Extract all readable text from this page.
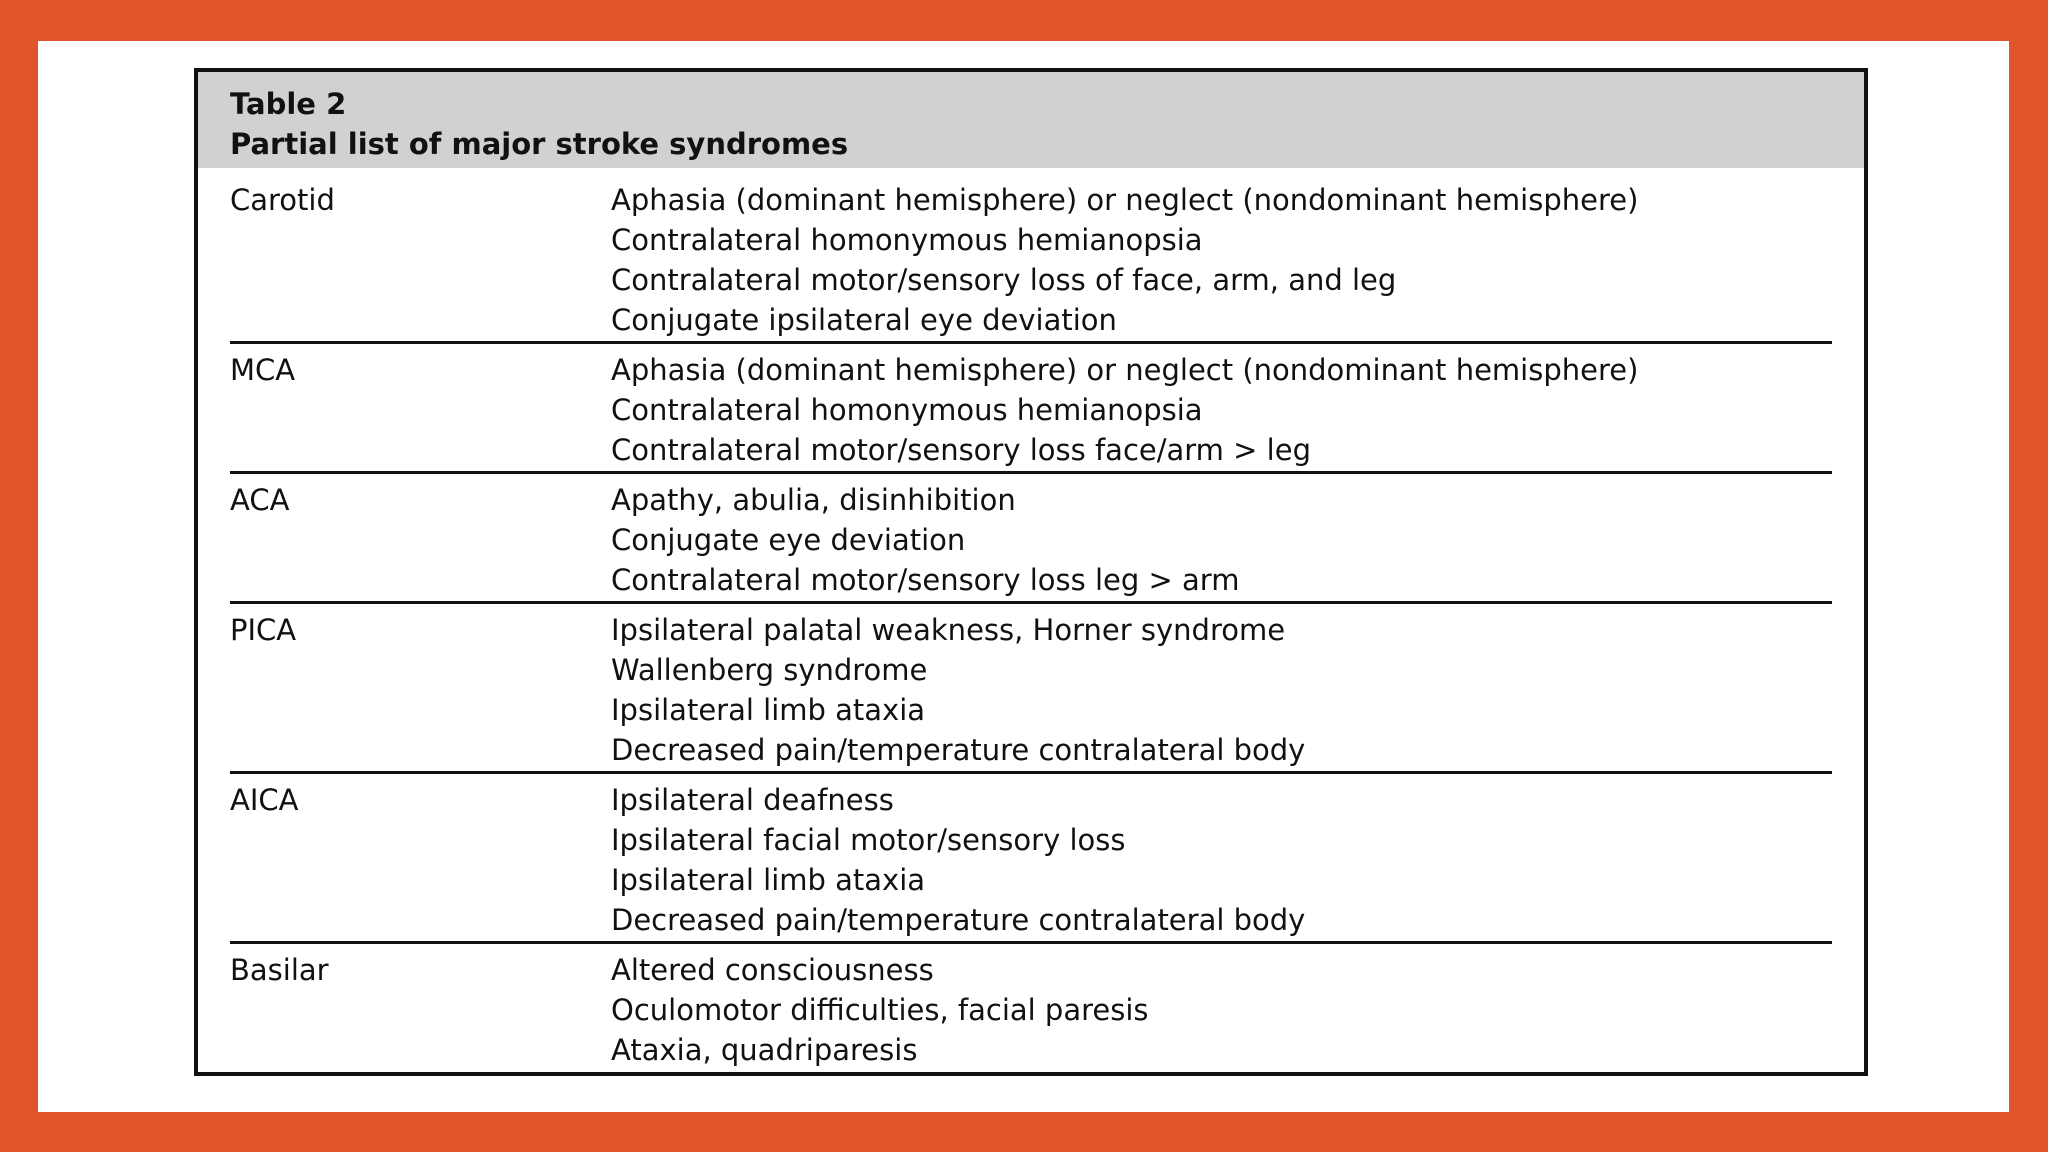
Table 2
Partial list of major stroke syndromes
Carotid	Aphasia (dominant hemisphere) or neglect (nondominant hemisphere)
Contralateral homonymous hemianopsia
Contralateral motor/sensory loss of face, arm, and leg
Conjugate ipsilateral eye deviation
MCA	Aphasia (dominant hemisphere) or neglect (nondominant hemisphere)
Contralateral homonymous hemianopsia
Contralateral motor/sensory loss face/arm > leg
ACA	Apathy, abulia, disinhibition
Conjugate eye deviation
Contralateral motor/sensory loss leg > arm
PICA	Ipsilateral palatal weakness, Horner syndrome
Wallenberg syndrome
Ipsilateral limb ataxia
Decreased pain/temperature contralateral body
AICA	Ipsilateral deafness
Ipsilateral facial motor/sensory loss
Ipsilateral limb ataxia
Decreased pain/temperature contralateral body
Basilar	Altered consciousness
Oculomotor difficulties, facial paresis
Ataxia, quadriparesis
